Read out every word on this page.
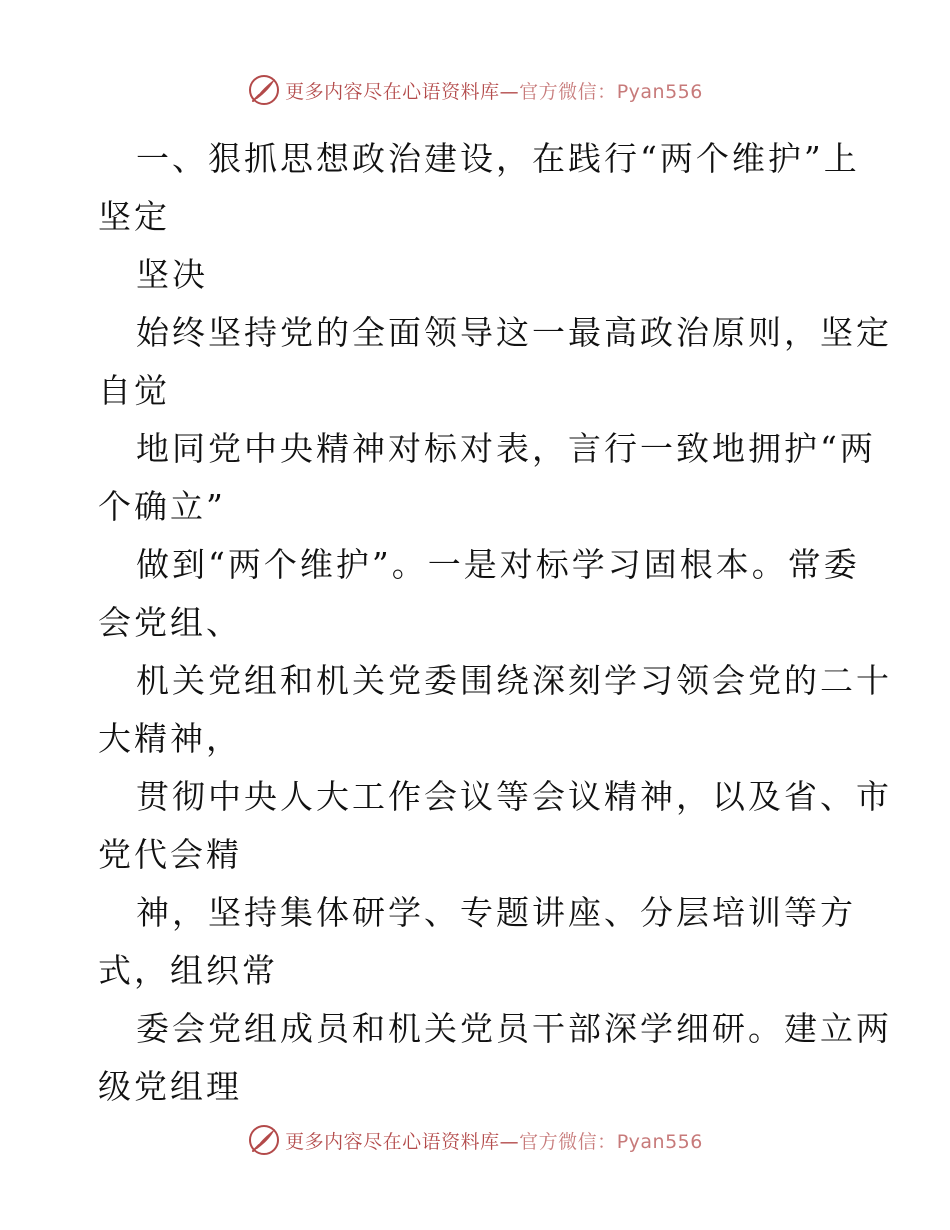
更多内容尽在心语资料库—官方微信：Pyan556
一、狠抓思想政治建设，在践行“两个维护”上
坚定
坚决
始终坚持党的全面领导这一最高政治原则，坚定
自觉
地同党中央精神对标对表，言行一致地拥护“两
个确立”
做到“两个维护”。一是对标学习固根本。常委
会党组、
机关党组和机关党委围绕深刻学习领会党的二十
大精神，
贯彻中央人大工作会议等会议精神，以及省、市
党代会精
神，坚持集体研学、专题讲座、分层培训等方
式，组织常
委会党组成员和机关党员干部深学细研。建立两
级党组理
更多内容尽在心语资料库—官方微信：Pyan556
